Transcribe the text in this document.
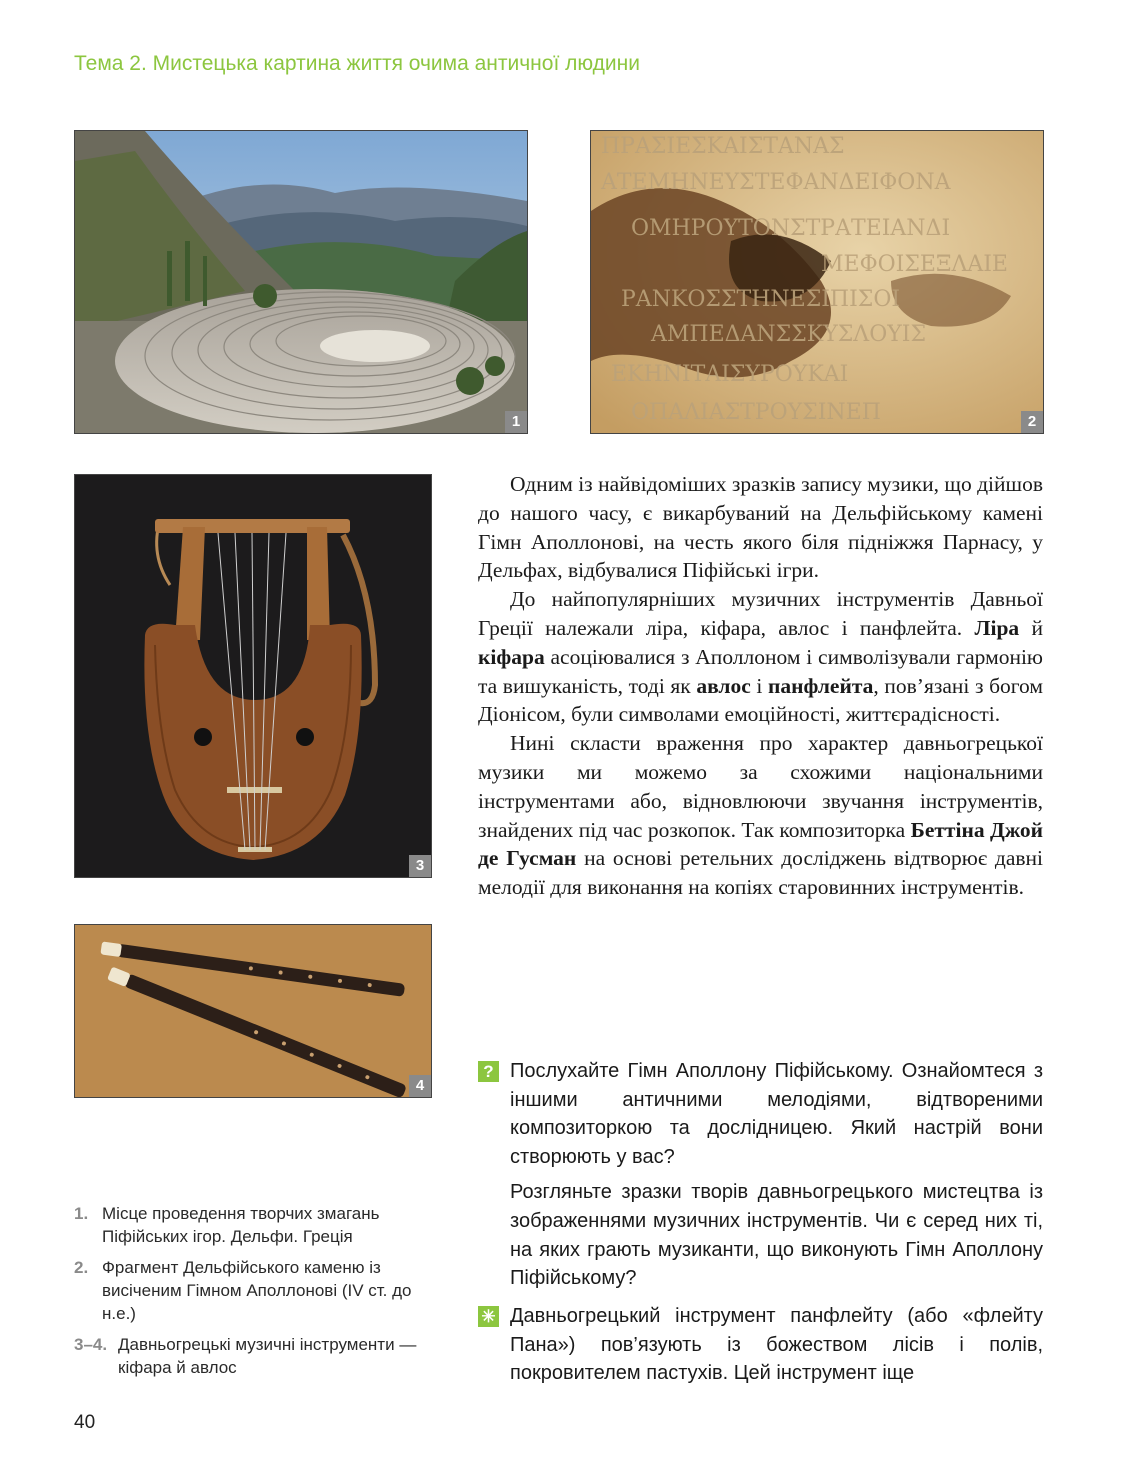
Тема 2. Мистецька картина життя очима античної людини
1
ΠΡΑΣΙΕΣΚΑΙΣΤΑΝΑΣ
ΑΤΕΜΗΝΕΥΣΤΕΦΑΝΔΕΙΦΟΝΑ
ΟΜΗΡΟΥΤΟΝΣΤΡΑΤΕΙΑΝΔΙ
ΜΕΦΟΙΣΕΞΛΑΙΕ
ΡΑΝΚΟΣΣΤΗΝΕΣΙΠΙΣΟΙ
ΑΜΠΕΔΑΝΣΣΚΥΣΛΟΥΙΣ
ΕΚΗΝΙΤΑΙΣΥΡΟΥΚΑΙ
ΟΠΑΛΙΑΣΤΡΟΥΣΙΝΕΠ	2
3
4

Одним із найвідоміших зразків запису музики, що дійшов до нашого часу, є викарбуваний на Дельфійському камені Гімн Аполлонові, на честь якого біля підніжжя Парнасу, у Дельфах, відбувалися Піфійські ігри.

До найпопулярніших музичних інструментів Давньої Греції належали ліра, кіфара, авлос і панфлейта. Ліра й кіфара асоціювалися з Аполлоном і символізували гармонію та вишуканість, тоді як авлос і панфлейта, пов’язані з богом Діонісом, були символами емоційності, життєрадісності.

Нині скласти враження про характер давньогрецької музики ми можемо за схожими національними інструментами або, відновлюючи звучання інструментів, знайдених під час розкопок. Так композиторка Беттіна Джой де Гусман на основі ретельних досліджень відтворює давні мелодії для виконання на копіях старовинних інструментів.

? Послухайте Гімн Аполлону Піфійському. Ознайомтеся з іншими античними мелодіями, відтвореними композиторкою та дослідницею. Який настрій вони створюють у вас?

Розгляньте зразки творів давньогрецького мистецтва із зображеннями музичних інструментів. Чи є серед них ті, на яких грають музиканти, що виконують Гімн Аполлону Піфійському?

✳ Давньогрецький інструмент панфлейту (або «флейту Пана») пов’язують із божеством лісів і полів, покровителем пастухів. Цей інструмент іще

1. Місце проведення творчих змагань Піфійських ігор. Дельфи. Греція
2. Фрагмент Дельфійського каменю із висіченим Гімном Аполлонові (IV ст. до н.е.)
3–4. Давньогрецькі музичні інструменти — кіфара й авлос
40
